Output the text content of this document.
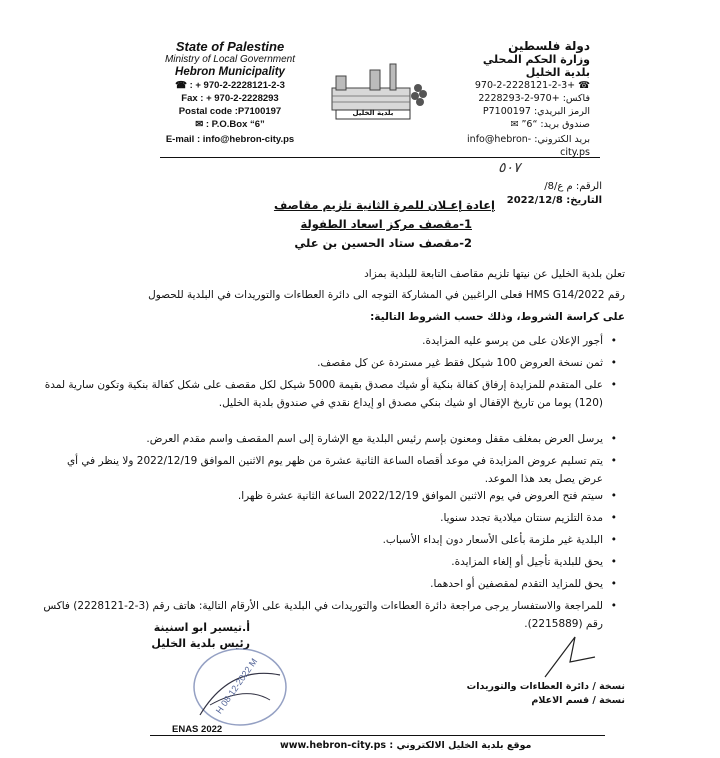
State of Palestine
Ministry of Local Government
Hebron Municipality
☎ : + 970-2-2228121-2-3
Fax : + 970-2-2228293
Postal code :P7100197
✉ : P.O.Box “6”
E-mail : info@hebron-city.ps
بلدية الخليل
دولة فلسطين
وزارة الحكم المحلي
بلدية الخليل
☎ +970-2-2228121-2-3
فاكس: +970-2-2228293
الرمز البريدي: P7100197
صندوق بريد: “6” ✉
بريد الكتروني: info@hebron-city.ps
٥٠٧
الرقم: م ع/8/
التاريخ: 2022/12/8
إعادة إعـلان للمرة الثانية تلزيم مقاصف
1-مقصف مركز اسعاد الطفولة
2-مقصف ستاد الحسين بن علي
تعلن بلدية الخليل عن نيتها تلزيم مقاصف التابعة للبلدية بمزاد
رقم HMS G14/2022 فعلى الراغبين في المشاركة التوجه الى دائرة العطاءات والتوريدات في البلدية للحصول
على كراسة الشروط، وذلك حسب الشروط التالية:
• أجور الإعلان على من يرسو عليه المزايدة.
• ثمن نسخة العروض 100 شيكل فقط غير مستردة عن كل مقصف.
• على المتقدم للمزايدة إرفاق كفالة بنكية أو شيك مصدق بقيمة 5000 شيكل لكل مقصف على شكل كفالة بنكية وتكون سارية لمدة (120) يوما من تاريخ الإقفال او شيك بنكي مصدق او إيداع نقدي في صندوق بلدية الخليل.
• يرسل العرض بمغلف مقفل ومعنون بإسم رئيس البلدية مع الإشارة إلى اسم المقصف واسم مقدم العرض.
• يتم تسليم عروض المزايدة في موعد أقصاه الساعة الثانية عشرة من ظهر يوم الاثنين الموافق 2022/12/19 ولا ينظر في أي عرض يصل بعد هذا الموعد.
• سيتم فتح العروض في يوم الاثنين الموافق 2022/12/19 الساعة الثانية عشرة ظهرا.
• مدة التلزيم سنتان ميلادية تجدد سنويا.
• البلدية غير ملزمة بأعلى الأسعار دون إبداء الأسباب.
• يحق للبلدية تأجيل أو إلغاء المزايدة.
• يحق للمزايد التقدم لمقصفين أو احدهما.
• للمراجعة والاستفسار يرجى مراجعة دائرة العطاءات والتوريدات في البلدية على الأرقام التالية: هاتف رقم (3-2-2228121) فاكس رقم (2215889).
أ.تيسير ابو اسنينة
رئيس بلدية الخليل
H 08-12-2022 M	نسخة / دائرة العطاءات والتوريدات
نسخة / قسم الاعلام
ENAS 2022
موقع بلدية الخليل الالكتروني : www.hebron-city.ps
